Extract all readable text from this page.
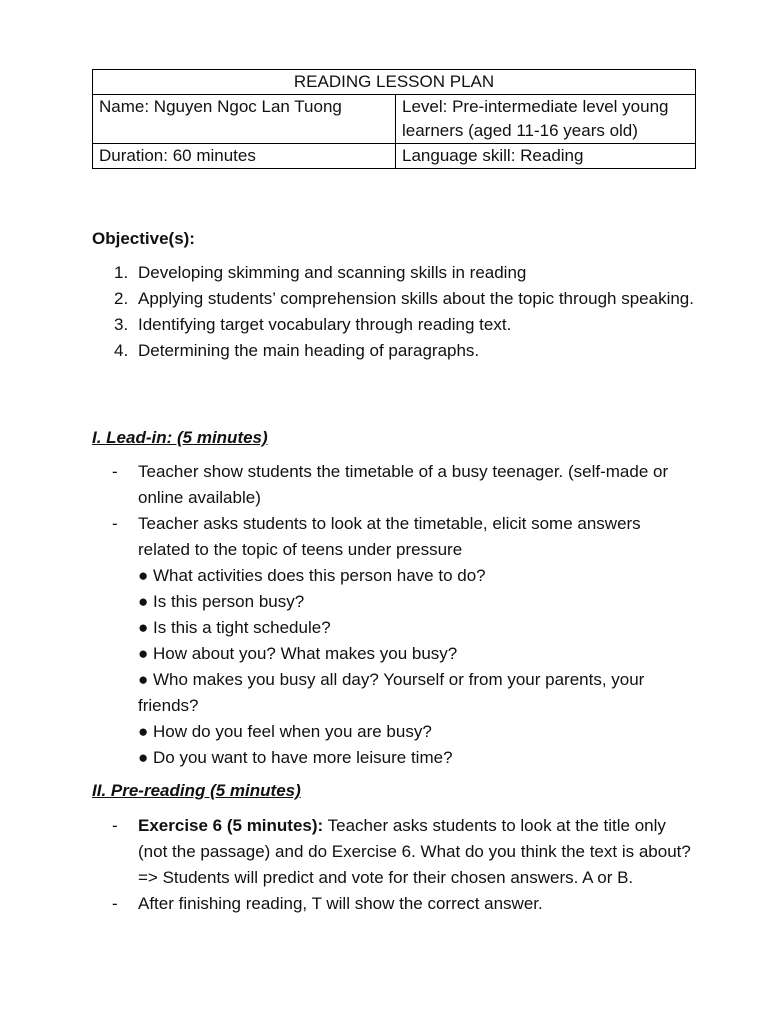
READING LESSON PLAN	
Name: Nguyen Ngoc Lan Tuong	Level: Pre-intermediate level young learners (aged 11-16 years old)
Duration: 60 minutes	Language skill: Reading

Objective(s):

1. Developing skimming and scanning skills in reading
2. Applying students’ comprehension skills about the topic through speaking.
3. Identifying target vocabulary through reading text.
4. Determining the main heading of paragraphs.

I. Lead-in: (5 minutes)

- Teacher show students the timetable of a busy teenager. (self-made or online available)
- Teacher asks students to look at the timetable, elicit some answers related to the topic of teens under pressure
● What activities does this person have to do?
● Is this person busy?
● Is this a tight schedule?
● How about you? What makes you busy?
● Who makes you busy all day? Yourself or from your parents, your friends?
● How do you feel when you are busy?
● Do you want to have more leisure time?

II. Pre-reading (5 minutes)

- Exercise 6 (5 minutes): Teacher asks students to look at the title only (not the passage) and do Exercise 6. What do you think the text is about? => Students will predict and vote for their chosen answers. A or B.
- After finishing reading, T will show the correct answer.
